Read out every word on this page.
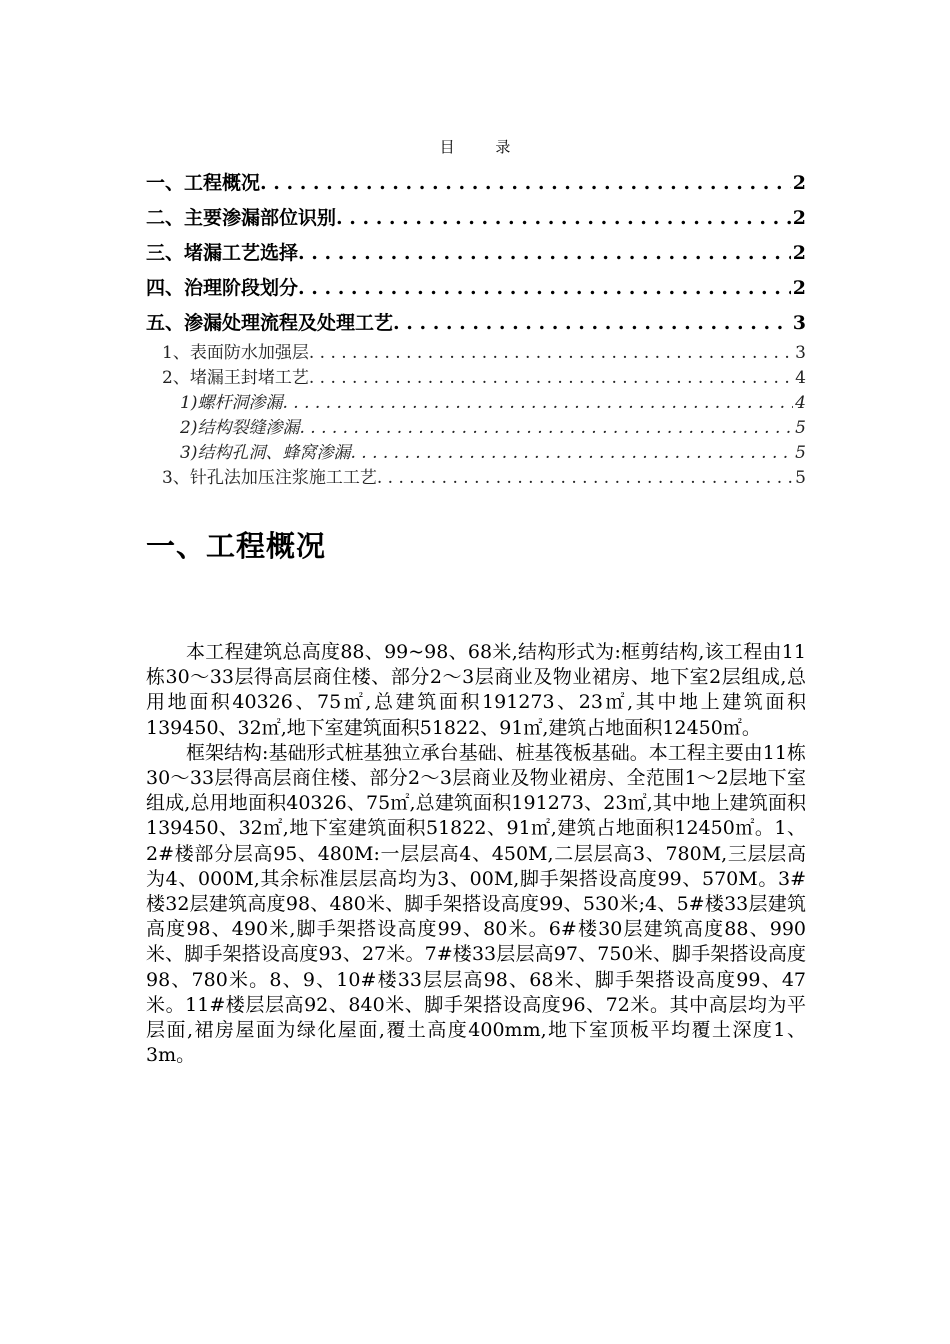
目 录
一、工程概况 . . .	2
二、主要渗漏部位识别 . . .	2
三、堵漏工艺选择 . . .	2
四、治理阶段划分 . . .	2
五、渗漏处理流程及处理工艺 . . .	3
1、表面防水加强层 . . .	3
2、堵漏王封堵工艺 . . .	4
1)螺杆洞渗漏 . . .	4
2)结构裂缝渗漏 . . .	5
3)结构孔洞、蜂窝渗漏 . . .	5
3、针孔法加压注浆施工工艺 . . .	5
一、工程概况

本工程建筑总高度88、99~98、68米,结构形式为:框剪结构,该工程由11栋30～33层得高层商住楼、部分2～3层商业及物业裙房、地下室2层组成,总用地面积40326、75㎡,总建筑面积191273、23㎡,其中地上建筑面积139450、32㎡,地下室建筑面积51822、91㎡,建筑占地面积12450㎡。

框架结构:基础形式桩基独立承台基础、桩基筏板基础。本工程主要由11栋30～33层得高层商住楼、部分2～3层商业及物业裙房、全范围1～2层地下室组成,总用地面积40326、75㎡,总建筑面积191273、23㎡,其中地上建筑面积139450、32㎡,地下室建筑面积51822、91㎡,建筑占地面积12450㎡。1、2#楼部分层高95、480M:一层层高4、450M,二层层高3、780M,三层层高为4、000M,其余标准层层高均为3、00M,脚手架搭设高度99、570M。3#楼32层建筑高度98、480米、脚手架搭设高度99、530米;4、5#楼33层建筑高度98、490米,脚手架搭设高度99、80米。6#楼30层建筑高度88、990米、脚手架搭设高度93、27米。7#楼33层层高97、750米、脚手架搭设高度98、780米。8、9、10#楼33层层高98、68米、脚手架搭设高度99、47米。11#楼层层高92、840米、脚手架搭设高度96、72米。其中高层均为平层面,裙房屋面为绿化屋面,覆土高度400mm,地下室顶板平均覆土深度1、3m。
